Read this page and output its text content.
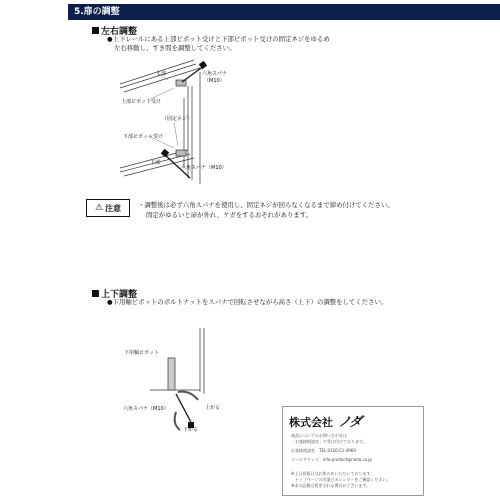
5.扉の調整
左右調整
●上下レールにある上部ピボット受けと下部ピボット受けの固定ネジをゆるめ
左右移動し、すき間を調整してください。
上部	六角スパナ
（M10）
上部ピボット受け
（固定ネジ）
下部ピボット受け
下部
六角スパナ（M10）
⚠ 注意	・調整後は必ず六角スパナを使用し、固定ネジが回らなくなるまで締め付けてください。
固定がゆるいと扉が外れ、ケガをするおそれがあります。
上下調整
●下用軸ピボットのボルトナットをスパナで回転させながら高さ（上下）の調整をしてください。
下用軸ピボット
六角スパナ（M10）	上がる
下がる
株式会社 ノダ
商品についてのお問い合わせは
「お客様相談室」で受け付けております。
お客様相談室　TEL:0120-51-4969
メールアドレス：info-product@noda.co.jp
※土日祝祭日はお休みをいただいております。
　トップページの営業日カレンダーをご確認ください。
※本の記載は変更される場合がございます。
